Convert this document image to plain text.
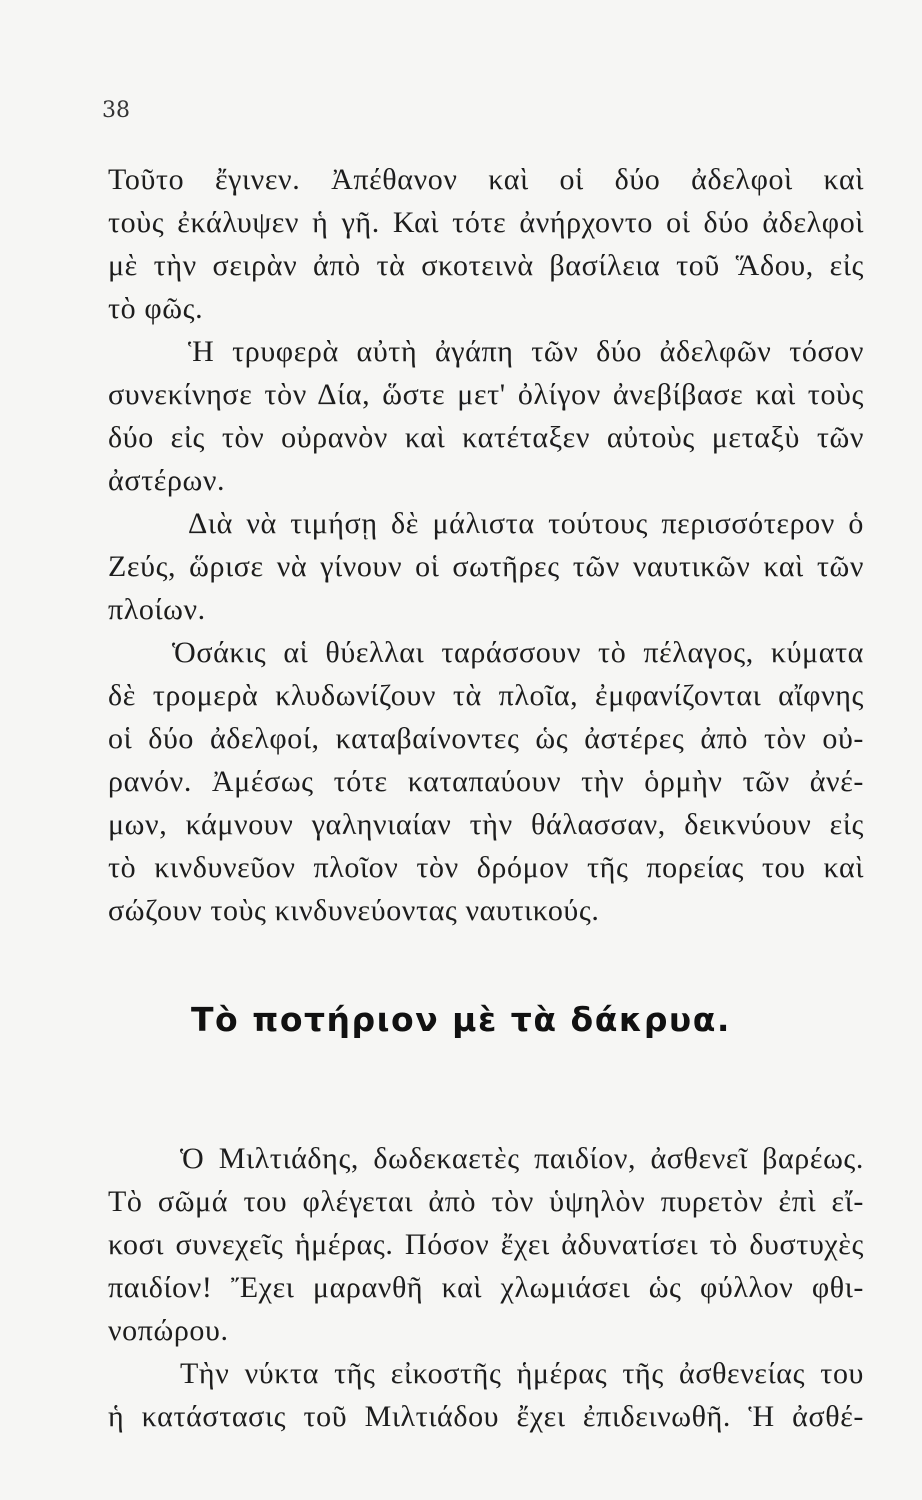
38
Τοῦτο ἔγινεν. Ἀπέθανον καὶ οἱ δύο ἀδελφοὶ καὶ
τοὺς ἐκάλυψεν ἡ γῆ. Καὶ τότε ἀνήρχοντο οἱ δύο ἀδελφοὶ
μὲ τὴν σειρὰν ἀπὸ τὰ σκοτεινὰ βασίλεια τοῦ Ἅδου, εἰς
τὸ φῶς.
Ἡ τρυφερὰ αὐτὴ ἀγάπη τῶν δύο ἀδελφῶν τόσον
συνεκίνησε τὸν Δία, ὥστε μετ' ὀλίγον ἀνεβίβασε καὶ τοὺς
δύο εἰς τὸν οὐρανὸν καὶ κατέταξεν αὐτοὺς μεταξὺ τῶν
ἀστέρων.
Διὰ νὰ τιμήσῃ δὲ μάλιστα τούτους περισσότερον ὁ
Ζεύς, ὥρισε νὰ γίνουν οἱ σωτῆρες τῶν ναυτικῶν καὶ τῶν
πλοίων.
Ὁσάκις αἱ θύελλαι ταράσσουν τὸ πέλαγος, κύματα
δὲ τρομερὰ κλυδωνίζουν τὰ πλοῖα, ἐμφανίζονται αἴφνης
οἱ δύο ἀδελφοί, καταβαίνοντες ὡς ἀστέρες ἀπὸ τὸν οὐ-
ρανόν. Ἀμέσως τότε καταπαύουν τὴν ὁρμὴν τῶν ἀνέ-
μων, κάμνουν γαληνιαίαν τὴν θάλασσαν, δεικνύουν εἰς
τὸ κινδυνεῦον πλοῖον τὸν δρόμον τῆς πορείας του καὶ
σώζουν τοὺς κινδυνεύοντας ναυτικούς.
Τὸ ποτήριον μὲ τὰ δάκρυα.
Ὁ Μιλτιάδης, δωδεκαετὲς παιδίον, ἀσθενεῖ βαρέως.
Τὸ σῶμά του φλέγεται ἀπὸ τὸν ὑψηλὸν πυρετὸν ἐπὶ εἴ-
κοσι συνεχεῖς ἡμέρας. Πόσον ἔχει ἀδυνατίσει τὸ δυστυχὲς
παιδίον! Ἔχει μαρανθῆ καὶ χλωμιάσει ὡς φύλλον φθι-
νοπώρου.
Τὴν νύκτα τῆς εἰκοστῆς ἡμέρας τῆς ἀσθενείας του
ἡ κατάστασις τοῦ Μιλτιάδου ἔχει ἐπιδεινωθῆ. Ἡ ἀσθέ-
